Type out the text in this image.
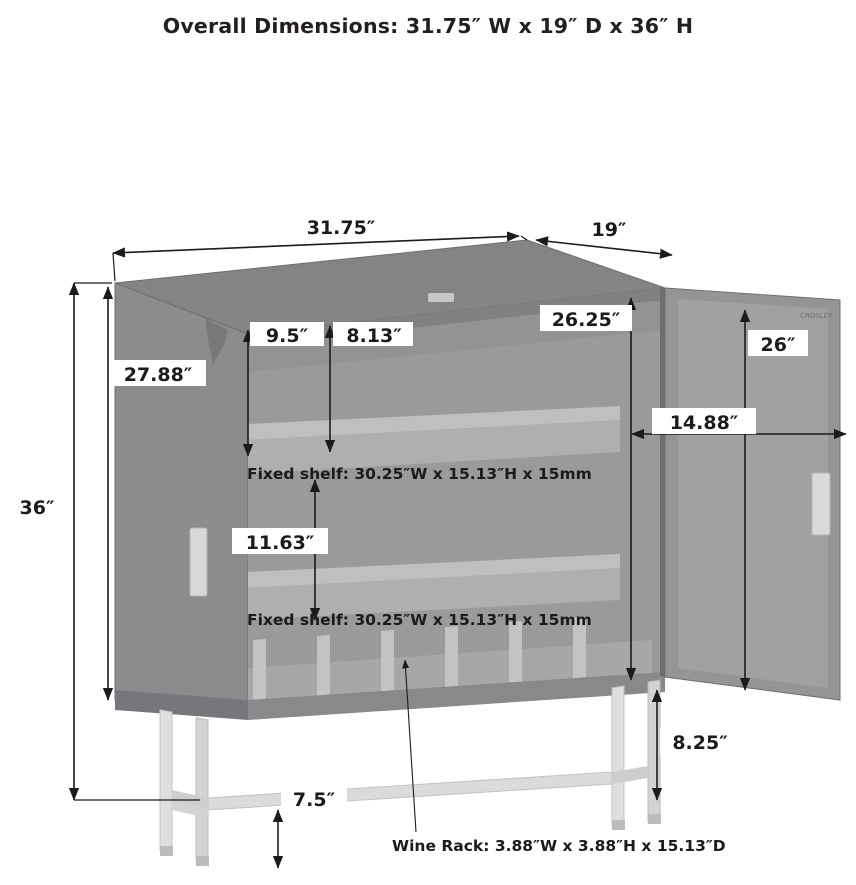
Overall Dimensions: 31.75″ W x 19″ D x 36″ H
CROSLEY
31.75″	19″
36″
27.88″
9.5″ 8.13″
26.25″
26″
14.88″
11.63″
8.25″
7.5″
Fixed shelf: 30.25″W x 15.13″H x 15mm
Fixed shelf: 30.25″W x 15.13″H x 15mm
Wine Rack: 3.88″W x 3.88″H x 15.13″D
